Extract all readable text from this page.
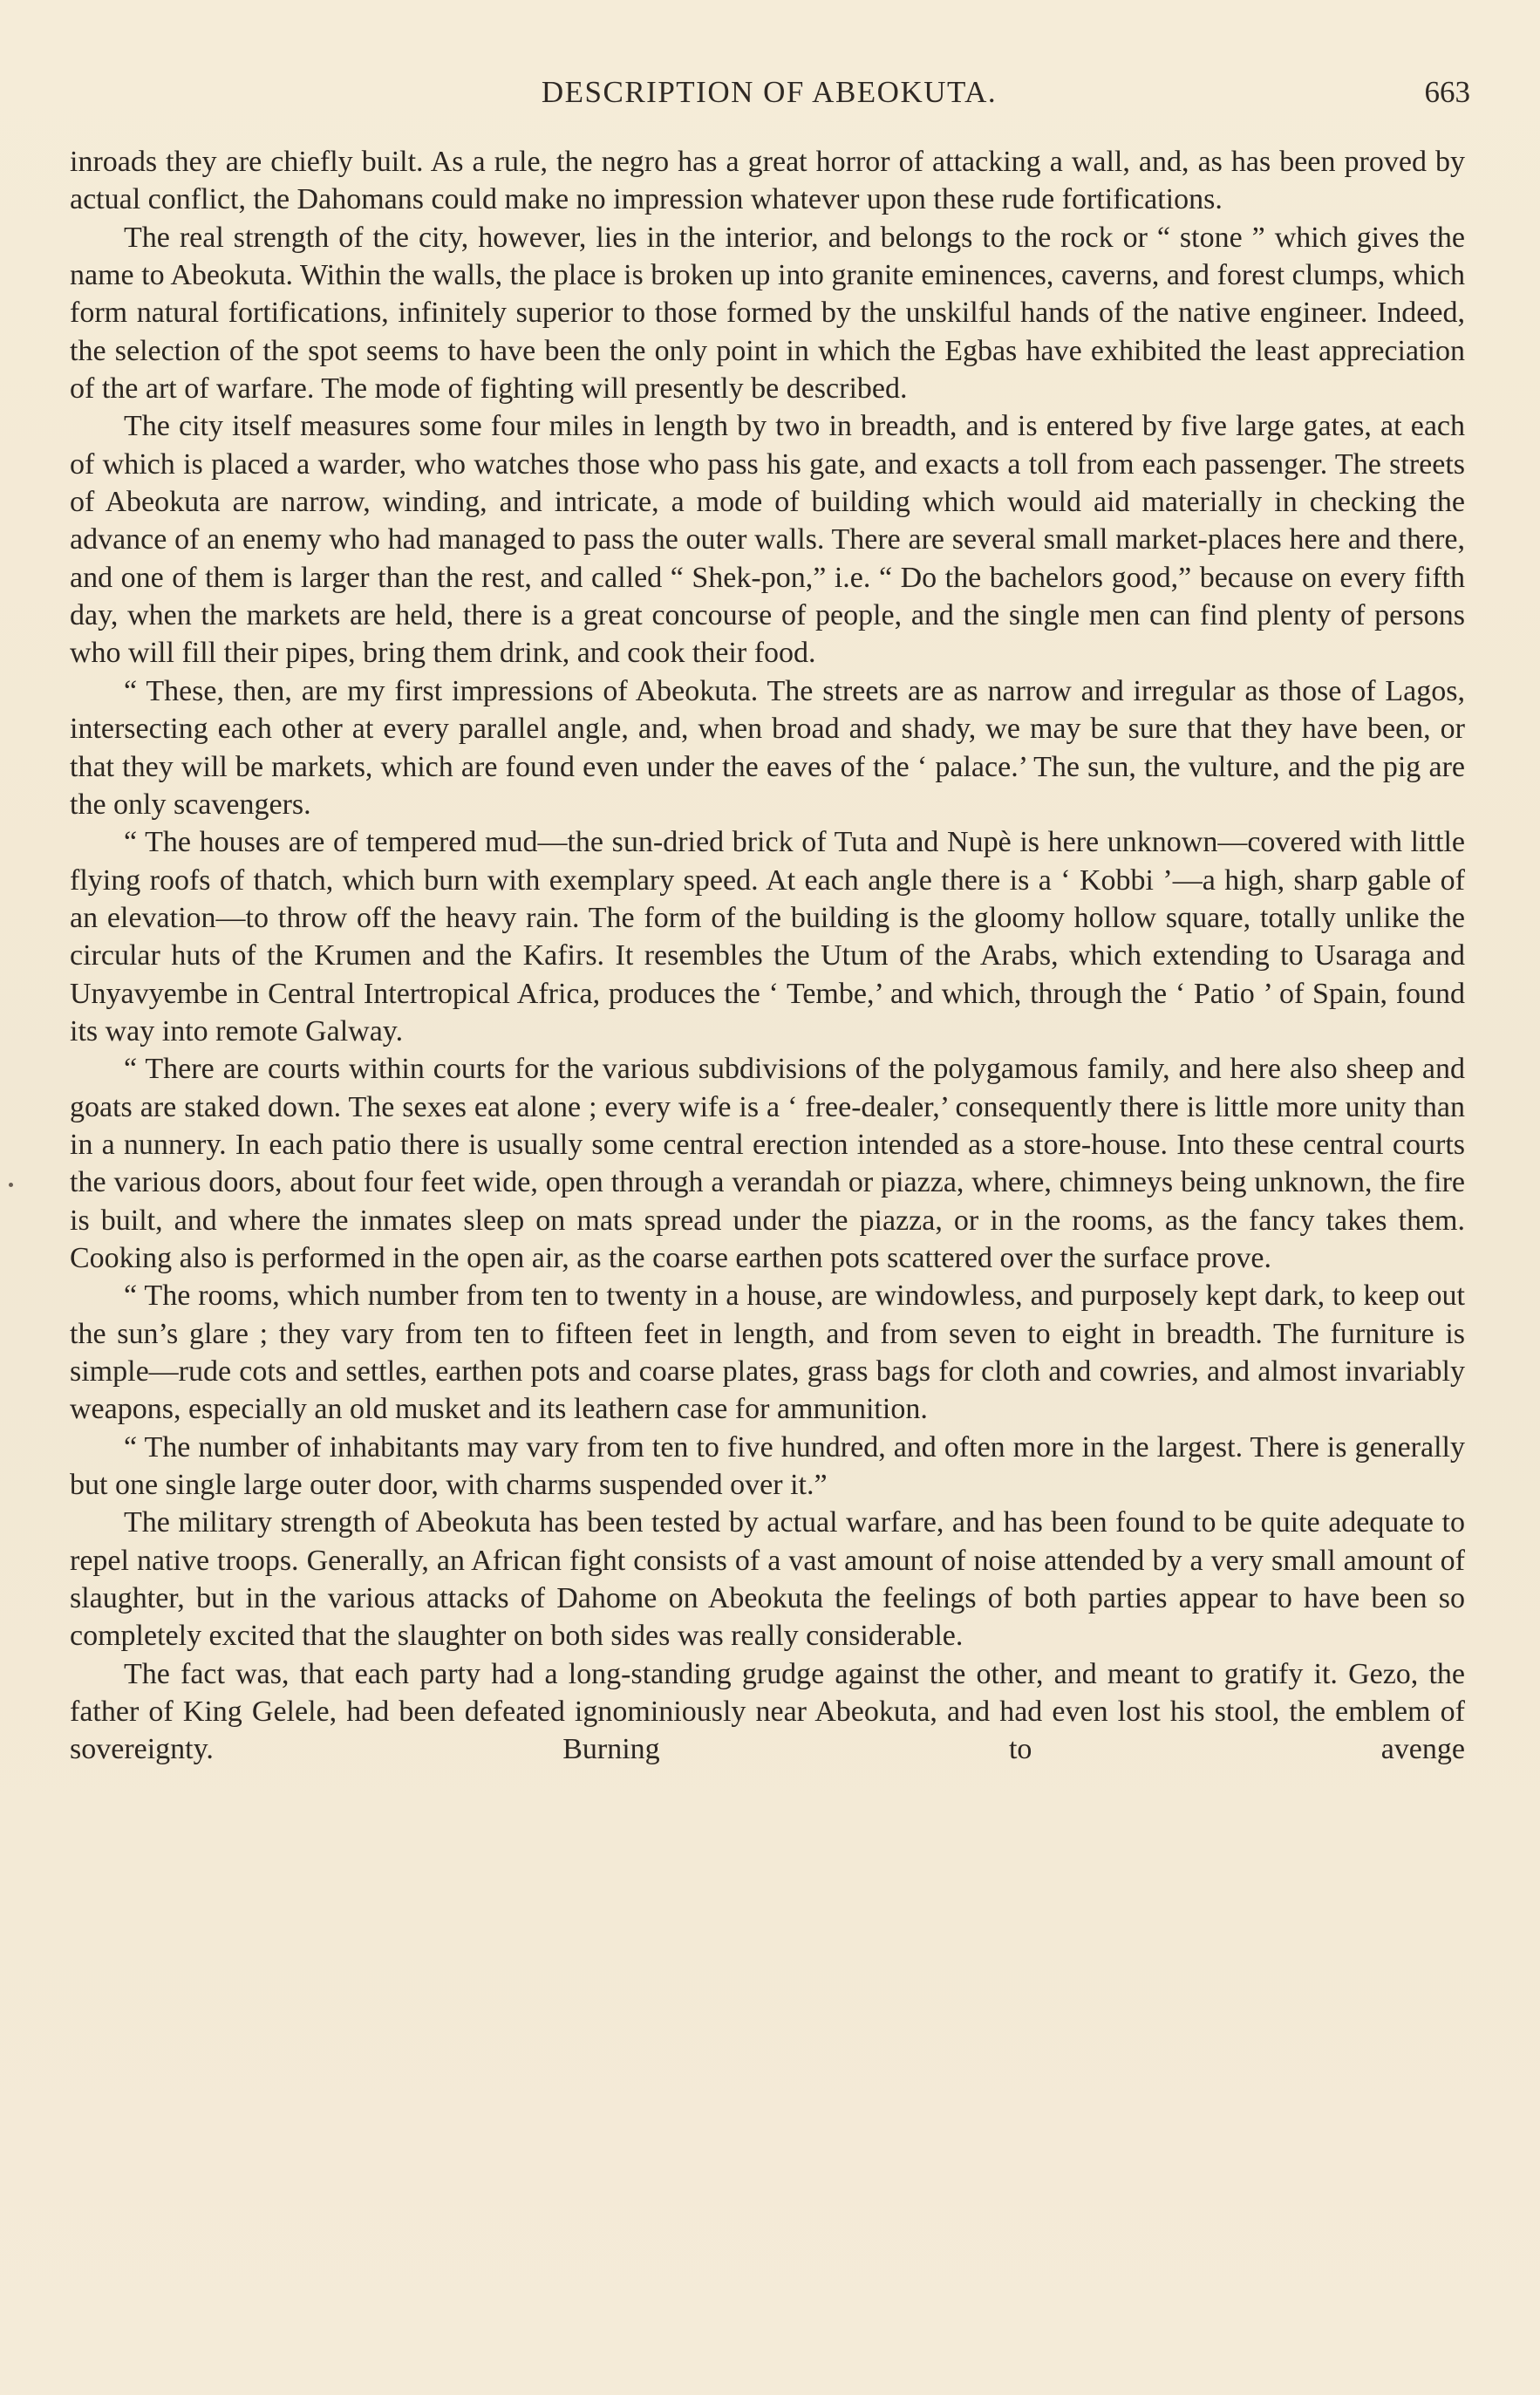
DESCRIPTION OF ABEOKUTA.	663

inroads they are chiefly built. As a rule, the negro has a great horror of attacking a wall, and, as has been proved by actual conflict, the Dahomans could make no impression whatever upon these rude fortifications.

The real strength of the city, however, lies in the interior, and belongs to the rock or “ stone ” which gives the name to Abeokuta. Within the walls, the place is broken up into granite eminences, caverns, and forest clumps, which form natural fortifications, infinitely superior to those formed by the unskilful hands of the native engineer. Indeed, the selection of the spot seems to have been the only point in which the Egbas have exhibited the least appreciation of the art of warfare. The mode of fighting will presently be described.

The city itself measures some four miles in length by two in breadth, and is entered by five large gates, at each of which is placed a warder, who watches those who pass his gate, and exacts a toll from each passenger. The streets of Abeokuta are narrow, winding, and intricate, a mode of building which would aid materially in checking the advance of an enemy who had managed to pass the outer walls. There are several small market-places here and there, and one of them is larger than the rest, and called “ Shek-pon,” i.e. “ Do the bachelors good,” because on every fifth day, when the markets are held, there is a great concourse of people, and the single men can find plenty of persons who will fill their pipes, bring them drink, and cook their food.

“ These, then, are my first impressions of Abeokuta. The streets are as narrow and irregular as those of Lagos, intersecting each other at every parallel angle, and, when broad and shady, we may be sure that they have been, or that they will be markets, which are found even under the eaves of the ‘ palace.’ The sun, the vulture, and the pig are the only scavengers.

“ The houses are of tempered mud—the sun-dried brick of Tuta and Nupè is here unknown—covered with little flying roofs of thatch, which burn with exemplary speed. At each angle there is a ‘ Kobbi ’—a high, sharp gable of an elevation—to throw off the heavy rain. The form of the building is the gloomy hollow square, totally unlike the circular huts of the Krumen and the Kafirs. It resembles the Utum of the Arabs, which extending to Usaraga and Unyavyembe in Central Intertropical Africa, produces the ‘ Tembe,’ and which, through the ‘ Patio ’ of Spain, found its way into remote Galway.

“ There are courts within courts for the various subdivisions of the polygamous family, and here also sheep and goats are staked down. The sexes eat alone ; every wife is a ‘ free-dealer,’ consequently there is little more unity than in a nunnery. In each patio there is usually some central erection intended as a store-house. Into these central courts the various doors, about four feet wide, open through a verandah or piazza, where, chimneys being unknown, the fire is built, and where the inmates sleep on mats spread under the piazza, or in the rooms, as the fancy takes them. Cooking also is performed in the open air, as the coarse earthen pots scattered over the surface prove.

“ The rooms, which number from ten to twenty in a house, are windowless, and purposely kept dark, to keep out the sun’s glare ; they vary from ten to fifteen feet in length, and from seven to eight in breadth. The furniture is simple—rude cots and settles, earthen pots and coarse plates, grass bags for cloth and cowries, and almost invariably weapons, especially an old musket and its leathern case for ammunition.

“ The number of inhabitants may vary from ten to five hundred, and often more in the largest. There is generally but one single large outer door, with charms suspended over it.”

The military strength of Abeokuta has been tested by actual warfare, and has been found to be quite adequate to repel native troops. Generally, an African fight consists of a vast amount of noise attended by a very small amount of slaughter, but in the various attacks of Dahome on Abeokuta the feelings of both parties appear to have been so completely excited that the slaughter on both sides was really considerable.

The fact was, that each party had a long-standing grudge against the other, and meant to gratify it. Gezo, the father of King Gelele, had been defeated ignominiously near Abeokuta, and had even lost his stool, the emblem of sovereignty. Burning to avenge
